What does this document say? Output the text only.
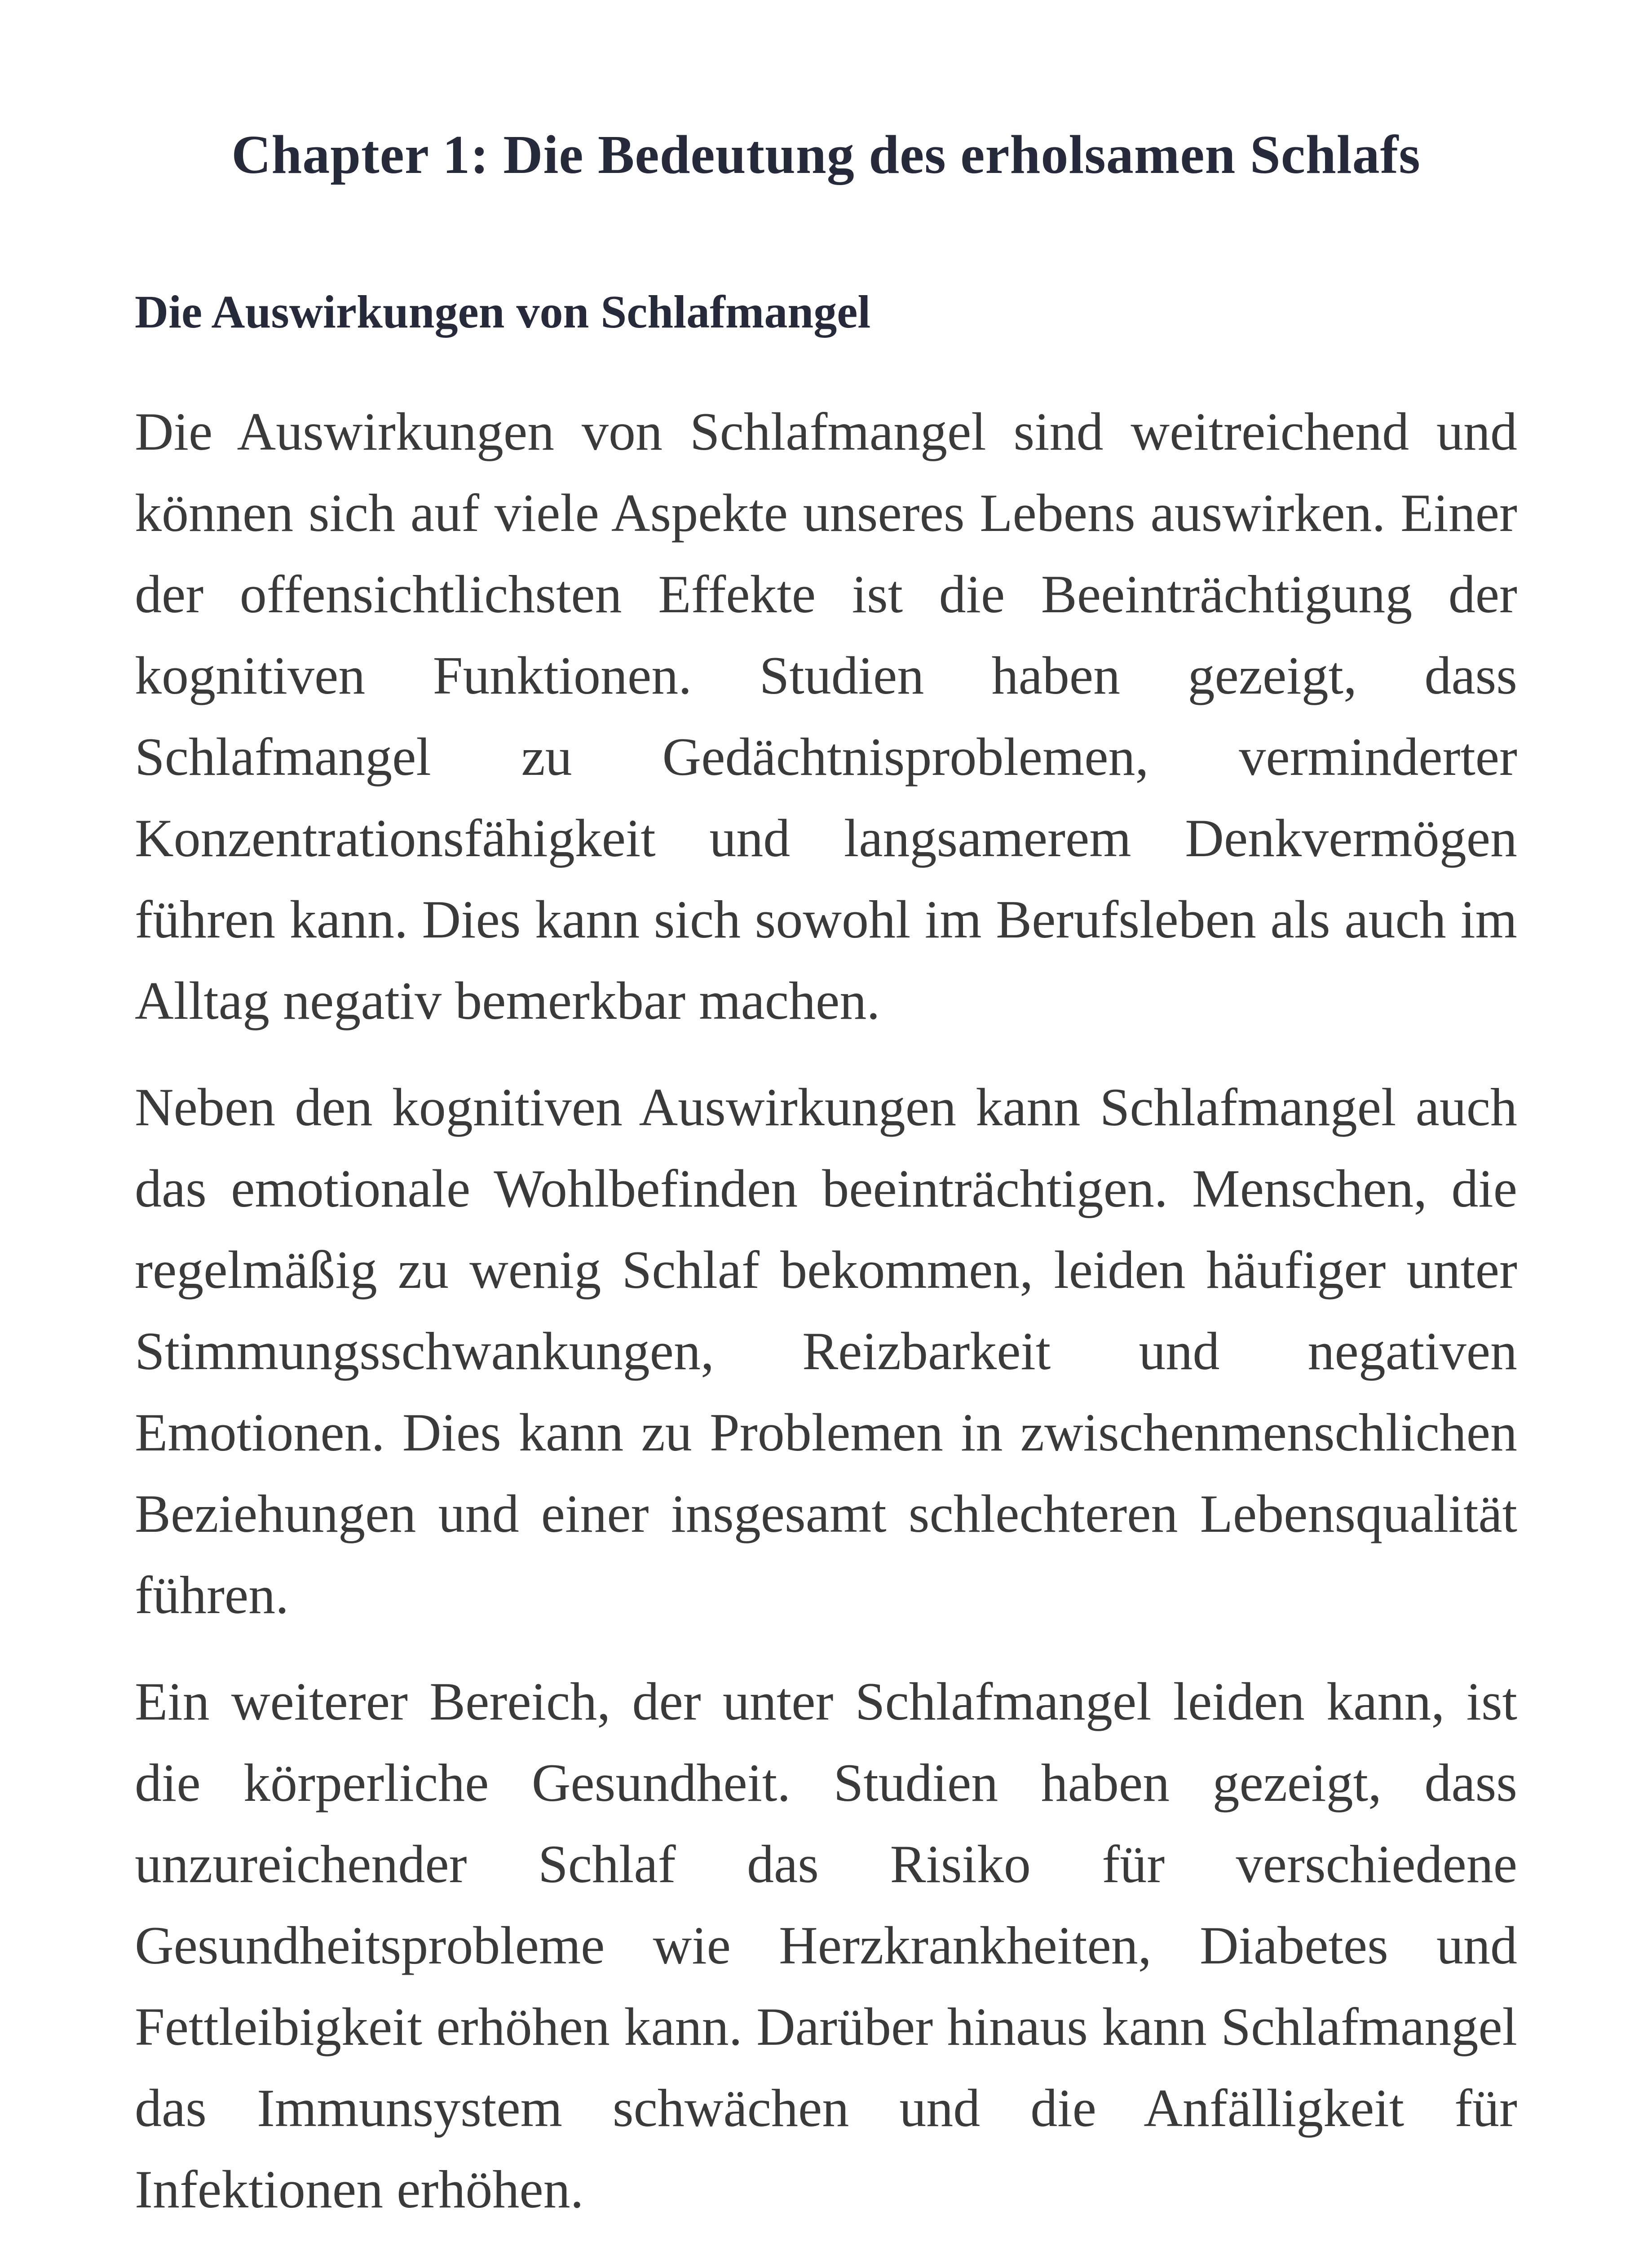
Chapter 1: Die Bedeutung des erholsamen Schlafs
Die Auswirkungen von Schlafmangel

Die Auswirkungen von Schlafmangel sind weitreichend und können sich auf viele Aspekte unseres Lebens auswirken. Einer der offensichtlichsten Effekte ist die Beeinträchtigung der kognitiven Funktionen. Studien haben gezeigt, dass Schlafmangel zu Gedächtnisproblemen, verminderter Konzentrationsfähigkeit und langsamerem Denkvermögen führen kann. Dies kann sich sowohl im Berufsleben als auch im Alltag negativ bemerkbar machen.

Neben den kognitiven Auswirkungen kann Schlafmangel auch das emotionale Wohlbefinden beeinträchtigen. Menschen, die regelmäßig zu wenig Schlaf bekommen, leiden häufiger unter Stimmungsschwankungen, Reizbarkeit und negativen Emotionen. Dies kann zu Problemen in zwischenmenschlichen Beziehungen und einer insgesamt schlechteren Lebensqualität führen.

Ein weiterer Bereich, der unter Schlafmangel leiden kann, ist die körperliche Gesundheit. Studien haben gezeigt, dass unzureichender Schlaf das Risiko für verschiedene Gesundheitsprobleme wie Herzkrankheiten, Diabetes und Fettleibigkeit erhöhen kann. Darüber hinaus kann Schlafmangel das Immunsystem schwächen und die Anfälligkeit für Infektionen erhöhen.
